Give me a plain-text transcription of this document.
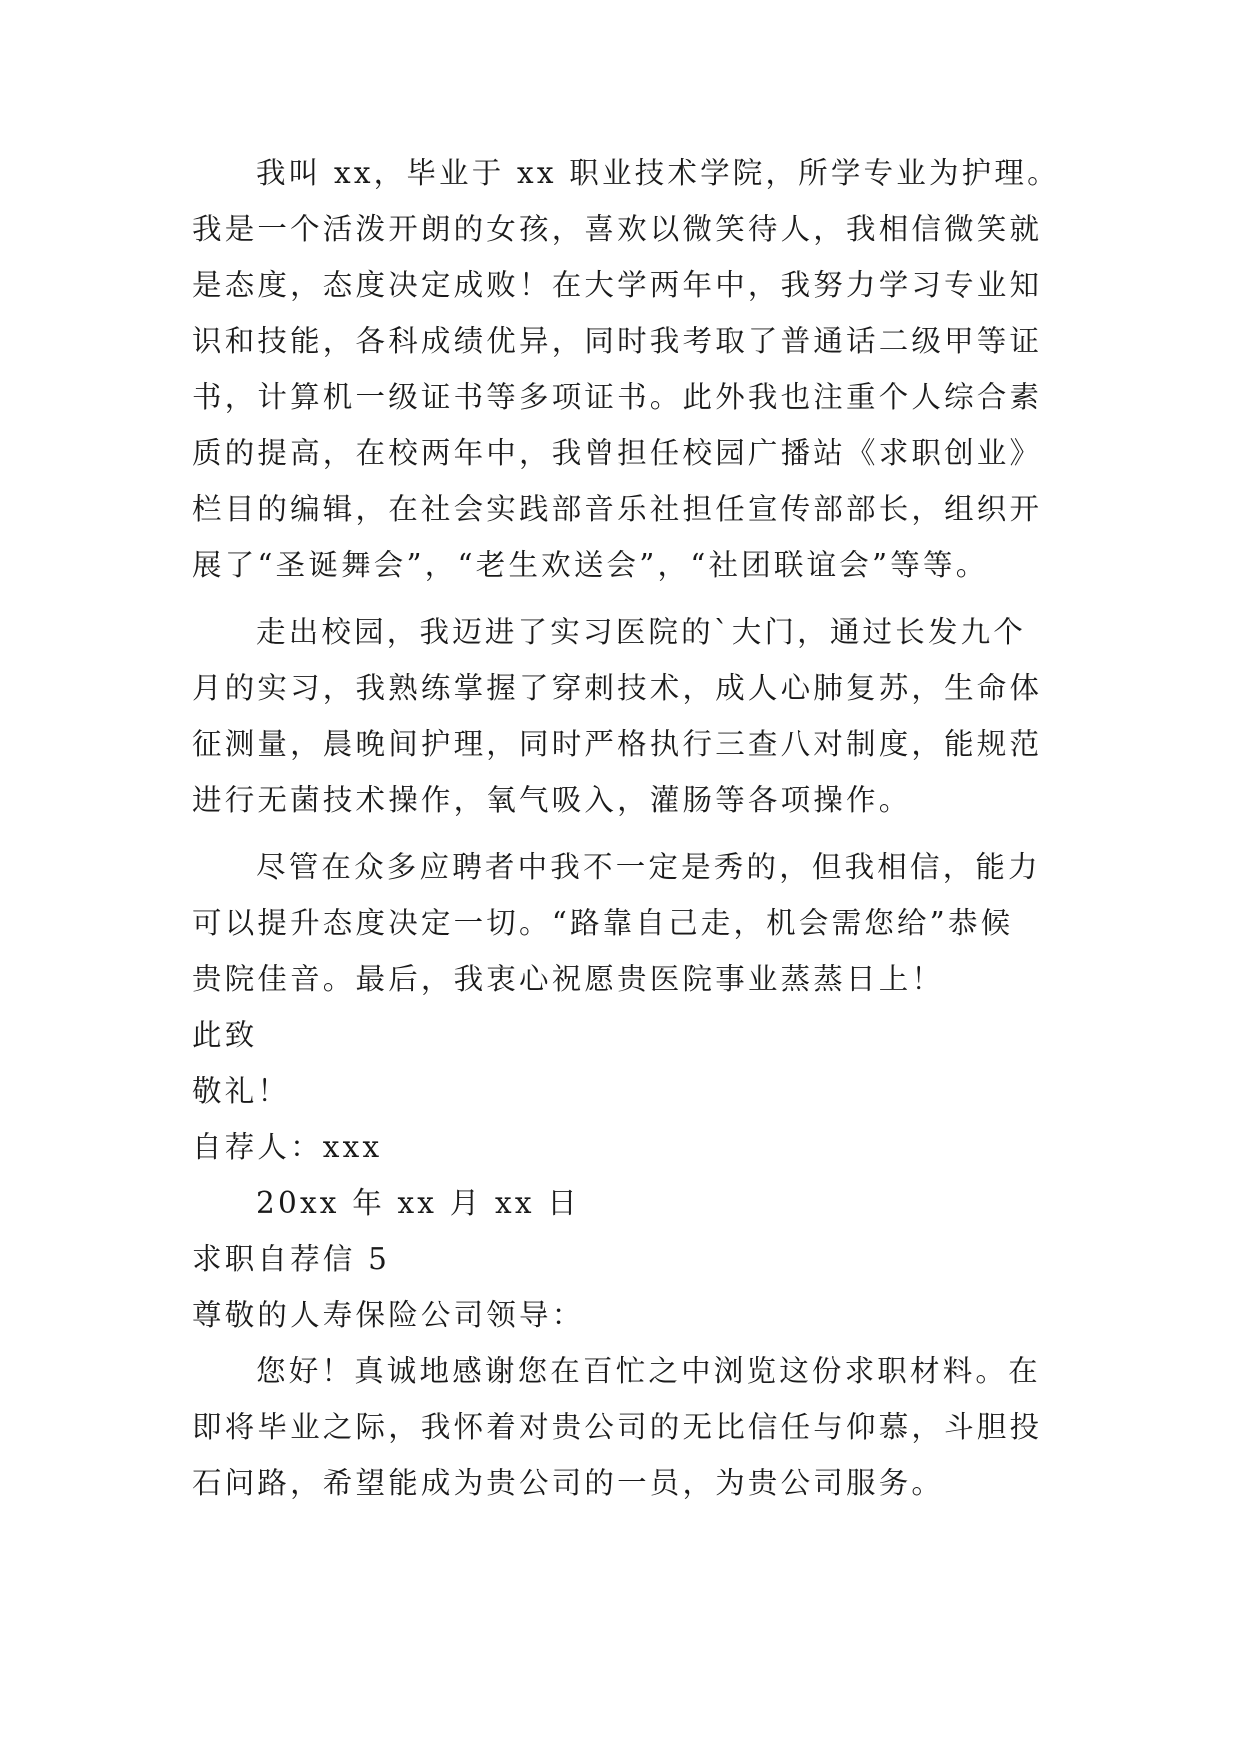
我叫 xx，毕业于 xx 职业技术学院，所学专业为护理。
我是一个活泼开朗的女孩，喜欢以微笑待人，我相信微笑就
是态度，态度决定成败！在大学两年中，我努力学习专业知
识和技能，各科成绩优异，同时我考取了普通话二级甲等证
书，计算机一级证书等多项证书。此外我也注重个人综合素
质的提高，在校两年中，我曾担任校园广播站《求职创业》
栏目的编辑，在社会实践部音乐社担任宣传部部长，组织开
展了“圣诞舞会”，“老生欢送会”，“社团联谊会”等等。
走出校园，我迈进了实习医院的`大门，通过长发九个
月的实习，我熟练掌握了穿刺技术，成人心肺复苏，生命体
征测量，晨晚间护理，同时严格执行三查八对制度，能规范
进行无菌技术操作，氧气吸入，灌肠等各项操作。
尽管在众多应聘者中我不一定是秀的，但我相信，能力
可以提升态度决定一切。“路靠自己走，机会需您给”恭候
贵院佳音。最后，我衷心祝愿贵医院事业蒸蒸日上！
此致
敬礼！
自荐人：xxx
20xx 年 xx 月 xx 日
求职自荐信 5
尊敬的人寿保险公司领导：
您好！真诚地感谢您在百忙之中浏览这份求职材料。在
即将毕业之际，我怀着对贵公司的无比信任与仰慕，斗胆投
石问路，希望能成为贵公司的一员，为贵公司服务。
